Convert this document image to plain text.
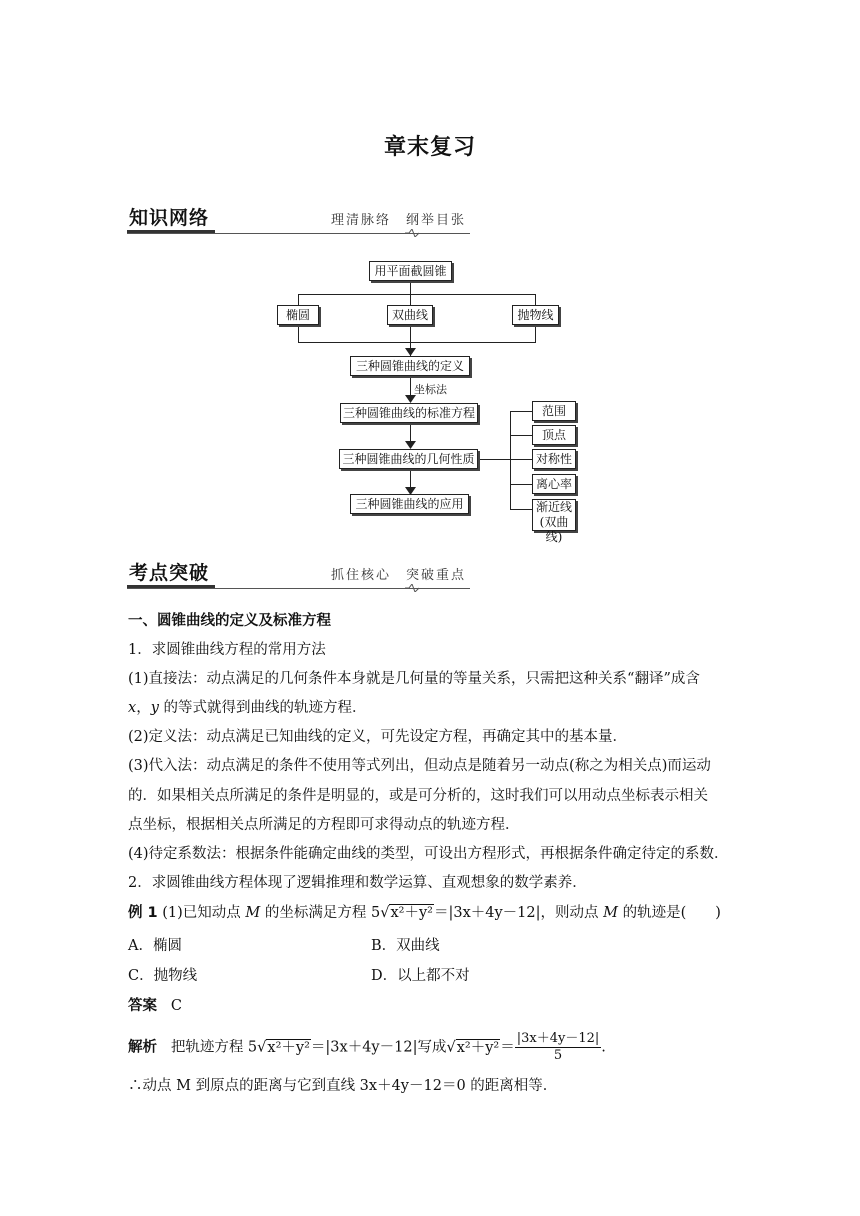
章末复习
知识网络	理清脉络　纲举目张
坐标法
用平面截圆锥
椭圆	双曲线	抛物线
三种圆锥曲线的定义
三种圆锥曲线的标准方程
三种圆锥曲线的几何性质
三种圆锥曲线的应用
范围
顶点
对称性
离心率
渐近线
(双曲线)
考点突破	抓住核心　突破重点
一、圆锥曲线的定义及标准方程
1．求圆锥曲线方程的常用方法
(1)直接法：动点满足的几何条件本身就是几何量的等量关系，只需把这种关系“翻译”成含
x，y 的等式就得到曲线的轨迹方程．
(2)定义法：动点满足已知曲线的定义，可先设定方程，再确定其中的基本量．
(3)代入法：动点满足的条件不使用等式列出，但动点是随着另一动点(称之为相关点)而运动
的．如果相关点所满足的条件是明显的，或是可分析的，这时我们可以用动点坐标表示相关
点坐标，根据相关点所满足的方程即可求得动点的轨迹方程．
(4)待定系数法：根据条件能确定曲线的类型，可设出方程形式，再根据条件确定待定的系数．
2．求圆锥曲线方程体现了逻辑推理和数学运算、直观想象的数学素养．
例 1 (1)已知动点 M 的坐标满足方程 5√x²＋y²＝|3x＋4y－12|，则动点 M 的轨迹是(　　)
A．椭圆	B．双曲线
C．抛物线	D．以上都不对
答案 C
解析 把轨迹方程 5√x²＋y²＝|3x＋4y－12|写成$√x^2+y^2= \frac{|3x+4y-12|}{5}$.
∴动点 M 到原点的距离与它到直线 3x＋4y－12＝0 的距离相等．
